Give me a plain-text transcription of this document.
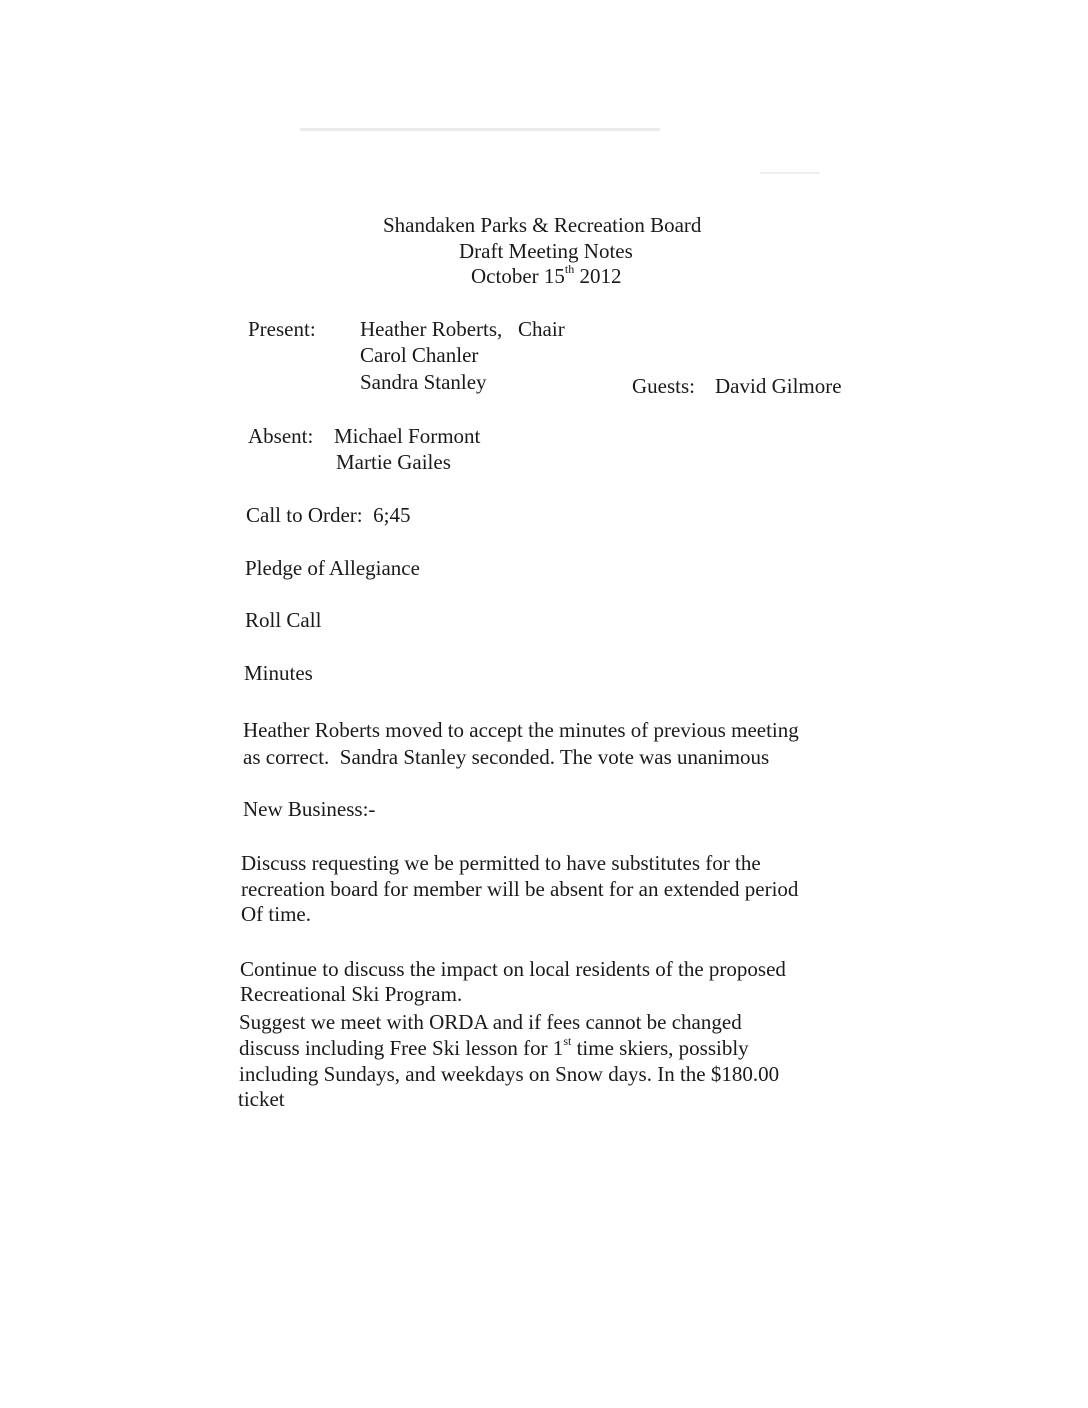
Shandaken Parks & Recreation Board
Draft Meeting Notes
October 15th 2012
Present: Heather Roberts,   Chair
Carol Chanler
Sandra Stanley	Guests: David Gilmore
Absent: Michael Formont
Martie Gailes
Call to Order:  6;45
Pledge of Allegiance
Roll Call
Minutes
Heather Roberts moved to accept the minutes of previous meeting
as correct.  Sandra Stanley seconded. The vote was unanimous
New Business:-
Discuss requesting we be permitted to have substitutes for the
recreation board for member will be absent for an extended period
Of time.
Continue to discuss the impact on local residents of the proposed
Recreational Ski Program.
Suggest we meet with ORDA and if fees cannot be changed
discuss including Free Ski lesson for 1st time skiers, possibly
including Sundays, and weekdays on Snow days. In the $180.00
ticket
